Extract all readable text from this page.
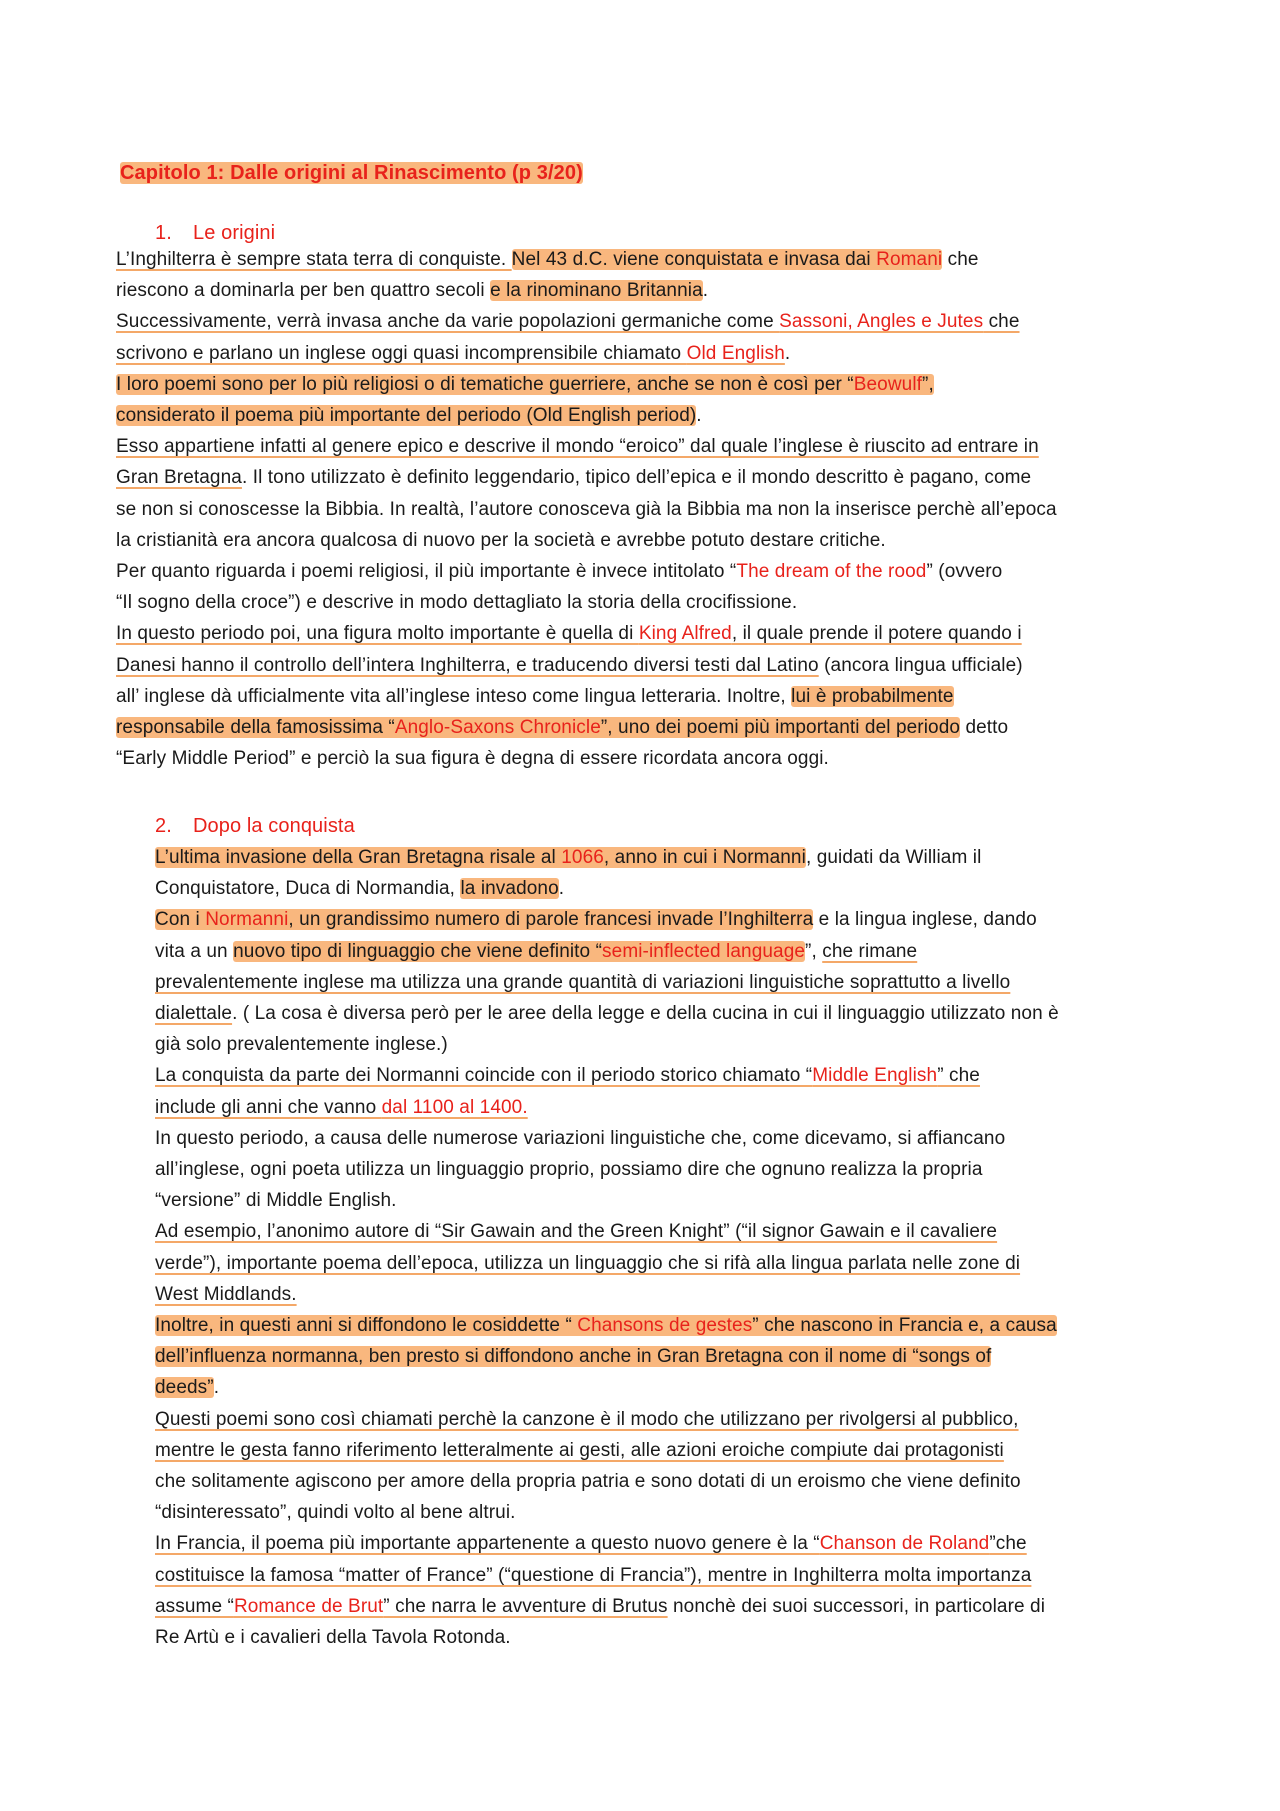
Capitolo 1: Dalle origini al Rinascimento (p 3/20)
1. Le origini
L’Inghilterra è sempre stata terra di conquiste. Nel 43 d.C. viene conquistata e invasa dai Romani che
riescono a dominarla per ben quattro secoli e la rinominano Britannia.
Successivamente, verrà invasa anche da varie popolazioni germaniche come Sassoni, Angles e Jutes che
scrivono e parlano un inglese oggi quasi incomprensibile chiamato Old English.
I loro poemi sono per lo più religiosi o di tematiche guerriere, anche se non è così per “Beowulf”,
considerato il poema più importante del periodo (Old English period).
Esso appartiene infatti al genere epico e descrive il mondo “eroico” dal quale l’inglese è riuscito ad entrare in
Gran Bretagna. Il tono utilizzato è definito leggendario, tipico dell’epica e il mondo descritto è pagano, come
se non si conoscesse la Bibbia. In realtà, l’autore conosceva già la Bibbia ma non la inserisce perchè all’epoca
la cristianità era ancora qualcosa di nuovo per la società e avrebbe potuto destare critiche.
Per quanto riguarda i poemi religiosi, il più importante è invece intitolato “The dream of the rood” (ovvero
“Il sogno della croce”) e descrive in modo dettagliato la storia della crocifissione.
In questo periodo poi, una figura molto importante è quella di King Alfred, il quale prende il potere quando i
Danesi hanno il controllo dell’intera Inghilterra, e traducendo diversi testi dal Latino (ancora lingua ufficiale)
all’ inglese dà ufficialmente vita all’inglese inteso come lingua letteraria. Inoltre, lui è probabilmente
responsabile della famosissima “Anglo-Saxons Chronicle”, uno dei poemi più importanti del periodo detto
“Early Middle Period” e perciò la sua figura è degna di essere ricordata ancora oggi.
2. Dopo la conquista
L’ultima invasione della Gran Bretagna risale al 1066, anno in cui i Normanni, guidati da William il
Conquistatore, Duca di Normandia, la invadono.
Con i Normanni, un grandissimo numero di parole francesi invade l’Inghilterra e la lingua inglese, dando
vita a un nuovo tipo di linguaggio che viene definito “semi-inflected language”, che rimane
prevalentemente inglese ma utilizza una grande quantità di variazioni linguistiche soprattutto a livello
dialettale. ( La cosa è diversa però per le aree della legge e della cucina in cui il linguaggio utilizzato non è
già solo prevalentemente inglese.)
La conquista da parte dei Normanni coincide con il periodo storico chiamato “Middle English” che
include gli anni che vanno dal 1100 al 1400.
In questo periodo, a causa delle numerose variazioni linguistiche che, come dicevamo, si affiancano
all’inglese, ogni poeta utilizza un linguaggio proprio, possiamo dire che ognuno realizza la propria
“versione” di Middle English.
Ad esempio, l’anonimo autore di “Sir Gawain and the Green Knight” (“il signor Gawain e il cavaliere
verde”), importante poema dell’epoca, utilizza un linguaggio che si rifà alla lingua parlata nelle zone di
West Middlands.
Inoltre, in questi anni si diffondono le cosiddette “ Chansons de gestes” che nascono in Francia e, a causa
dell’influenza normanna, ben presto si diffondono anche in Gran Bretagna con il nome di “songs of
deeds”.
Questi poemi sono così chiamati perchè la canzone è il modo che utilizzano per rivolgersi al pubblico,
mentre le gesta fanno riferimento letteralmente ai gesti, alle azioni eroiche compiute dai protagonisti
che solitamente agiscono per amore della propria patria e sono dotati di un eroismo che viene definito
“disinteressato”, quindi volto al bene altrui.
In Francia, il poema più importante appartenente a questo nuovo genere è la “Chanson de Roland”che
costituisce la famosa “matter of France” (“questione di Francia”), mentre in Inghilterra molta importanza
assume “Romance de Brut” che narra le avventure di Brutus nonchè dei suoi successori, in particolare di
Re Artù e i cavalieri della Tavola Rotonda.
